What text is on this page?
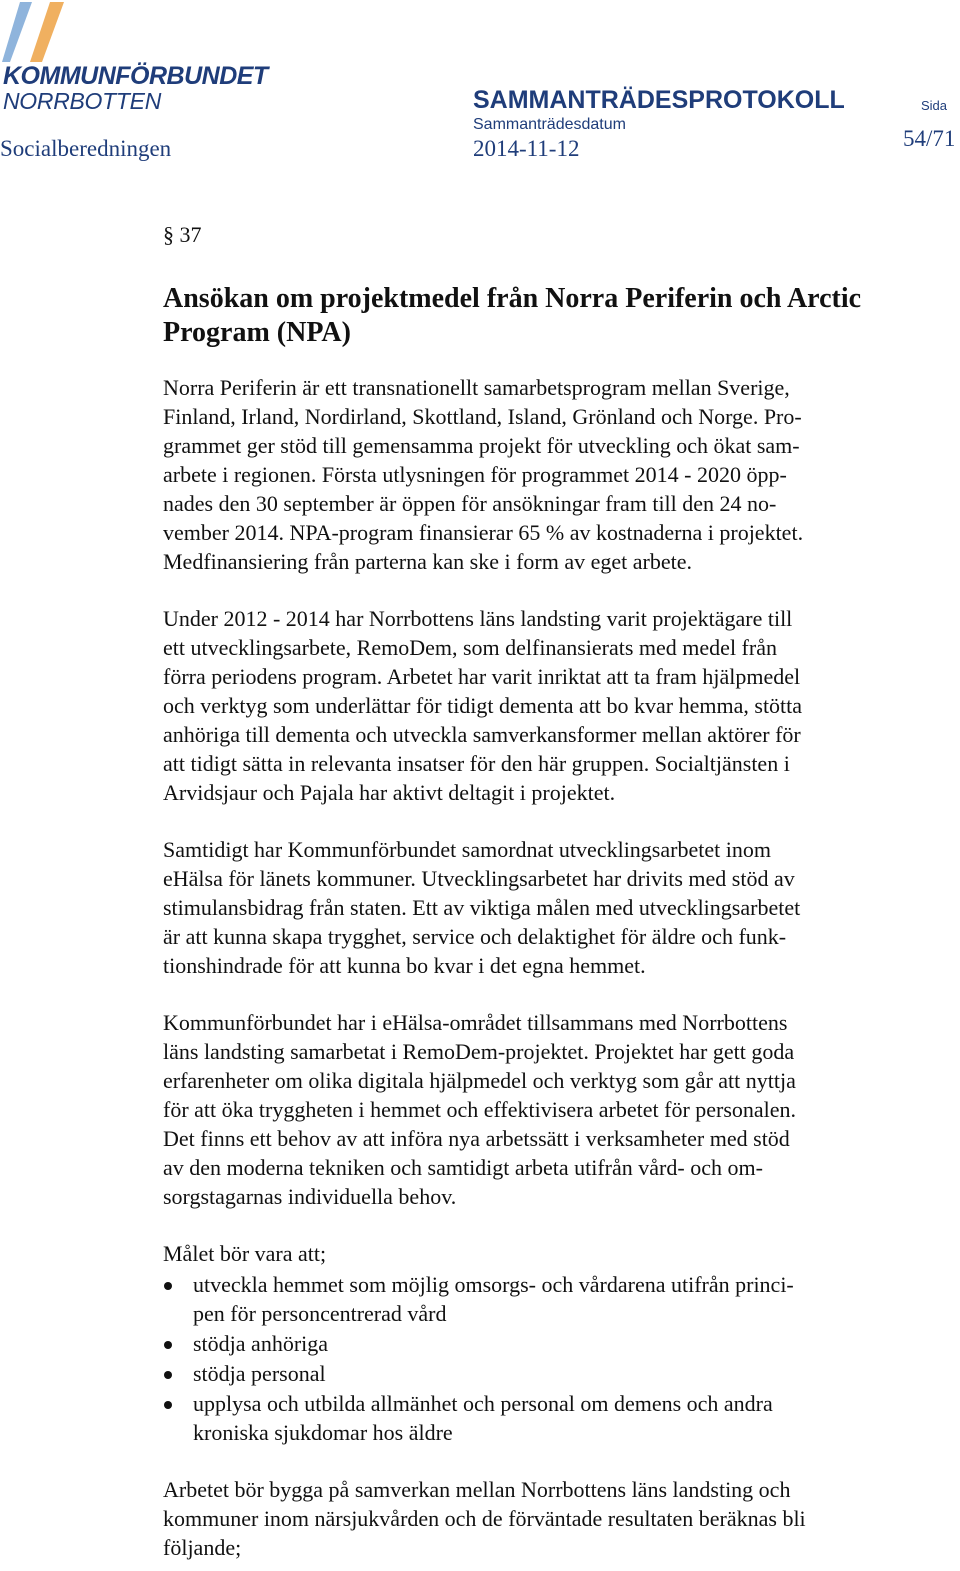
KOMMUNFÖRBUNDET
NORRBOTTEN	SAMMANTRÄDESPROTOKOLL	Sida
Sammanträdesdatum
Socialberedningen	2014-11-12	54/71
§ 37
Ansökan om projektmedel från Norra Periferin och Arctic
Program (NPA)
Norra Periferin är ett transnationellt samarbetsprogram mellan Sverige,
Finland, Irland, Nordirland, Skottland, Island, Grönland och Norge. Pro-
grammet ger stöd till gemensamma projekt för utveckling och ökat sam-
arbete i regionen. Första utlysningen för programmet 2014 - 2020 öpp-
nades den 30 september är öppen för ansökningar fram till den 24 no-
vember 2014. NPA-program finansierar 65 % av kostnaderna i projektet.
Medfinansiering från parterna kan ske i form av eget arbete.
Under 2012 - 2014 har Norrbottens läns landsting varit projektägare till
ett utvecklingsarbete, RemoDem, som delfinansierats med medel från
förra periodens program. Arbetet har varit inriktat att ta fram hjälpmedel
och verktyg som underlättar för tidigt dementa att bo kvar hemma, stötta
anhöriga till dementa och utveckla samverkansformer mellan aktörer för
att tidigt sätta in relevanta insatser för den här gruppen. Socialtjänsten i
Arvidsjaur och Pajala har aktivt deltagit i projektet.
Samtidigt har Kommunförbundet samordnat utvecklingsarbetet inom
eHälsa för länets kommuner. Utvecklingsarbetet har drivits med stöd av
stimulansbidrag från staten. Ett av viktiga målen med utvecklingsarbetet
är att kunna skapa trygghet, service och delaktighet för äldre och funk-
tionshindrade för att kunna bo kvar i det egna hemmet.
Kommunförbundet har i eHälsa-området tillsammans med Norrbottens
läns landsting samarbetat i RemoDem-projektet. Projektet har gett goda
erfarenheter om olika digitala hjälpmedel och verktyg som går att nyttja
för att öka tryggheten i hemmet och effektivisera arbetet för personalen.
Det finns ett behov av att införa nya arbetssätt i verksamheter med stöd
av den moderna tekniken och samtidigt arbeta utifrån vård- och om-
sorgstagarnas individuella behov.
Målet bör vara att;
utveckla hemmet som möjlig omsorgs- och vårdarena utifrån princi-
pen för personcentrerad vård
stödja anhöriga
stödja personal
upplysa och utbilda allmänhet och personal om demens och andra
kroniska sjukdomar hos äldre
Arbetet bör bygga på samverkan mellan Norrbottens läns landsting och
kommuner inom närsjukvården och de förväntade resultaten beräknas bli
följande;
